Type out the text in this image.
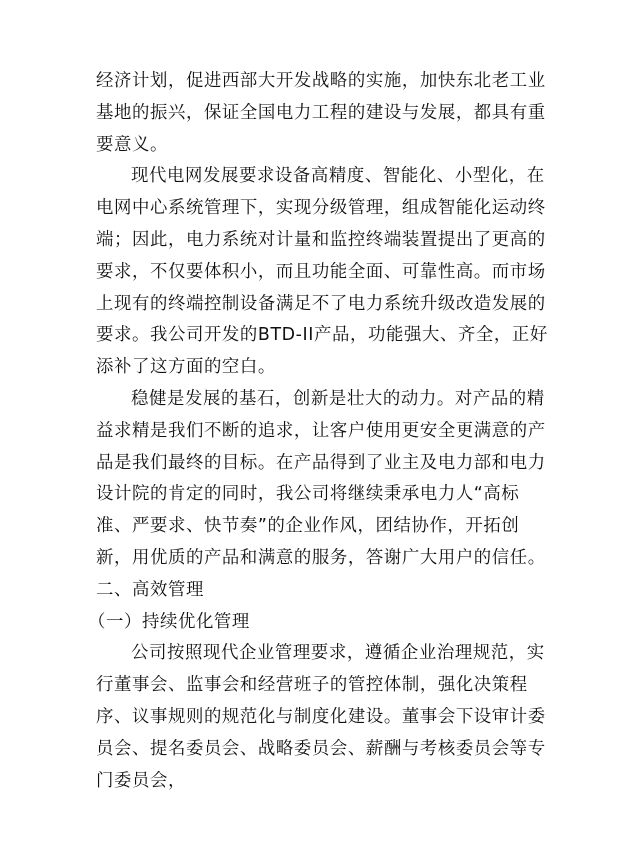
经济计划，促进西部大开发战略的实施，加快东北老工业基地的振兴，保证全国电力工程的建设与发展，都具有重要意义。

现代电网发展要求设备高精度、智能化、小型化，在电网中心系统管理下，实现分级管理，组成智能化运动终端；因此，电力系统对计量和监控终端装置提出了更高的要求，不仅要体积小，而且功能全面、可靠性高。而市场上现有的终端控制设备满足不了电力系统升级改造发展的要求。我公司开发的BTD-II产品，功能强大、齐全，正好添补了这方面的空白。

稳健是发展的基石，创新是壮大的动力。对产品的精益求精是我们不断的追求，让客户使用更安全更满意的产品是我们最终的目标。在产品得到了业主及电力部和电力设计院的肯定的同时，我公司将继续秉承电力人“高标准、严要求、快节奏”的企业作风，团结协作，开拓创新，用优质的产品和满意的服务，答谢广大用户的信任。

二、高效管理

（一）持续优化管理

公司按照现代企业管理要求，遵循企业治理规范，实行董事会、监事会和经营班子的管控体制，强化决策程序、议事规则的规范化与制度化建设。董事会下设审计委员会、提名委员会、战略委员会、薪酬与考核委员会等专门委员会，
